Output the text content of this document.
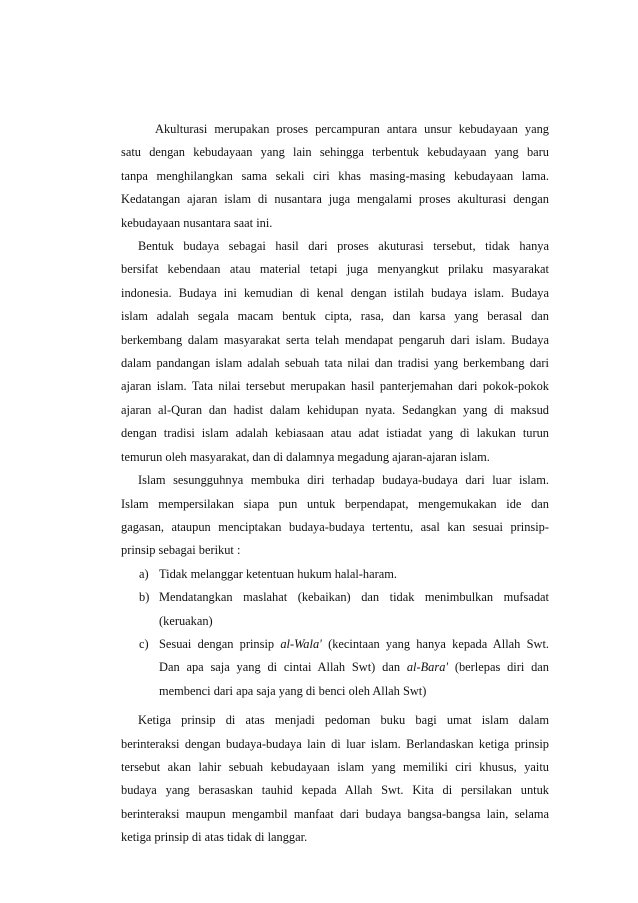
Akulturasi merupakan proses percampuran antara unsur kebudayaan yang
satu dengan kebudayaan yang lain sehingga terbentuk kebudayaan yang baru
tanpa menghilangkan sama sekali ciri khas masing-masing kebudayaan lama.
Kedatangan ajaran islam di nusantara juga mengalami proses akulturasi dengan
kebudayaan nusantara saat ini.

Bentuk budaya sebagai hasil dari proses akuturasi tersebut, tidak hanya
bersifat kebendaan atau material tetapi juga menyangkut prilaku masyarakat
indonesia. Budaya ini kemudian di kenal dengan istilah budaya islam. Budaya
islam adalah segala macam bentuk cipta, rasa, dan karsa yang berasal dan
berkembang dalam masyarakat serta telah mendapat pengaruh dari islam. Budaya
dalam pandangan islam adalah sebuah tata nilai dan tradisi yang berkembang dari
ajaran islam. Tata nilai tersebut merupakan hasil panterjemahan dari pokok-pokok
ajaran al-Quran dan hadist dalam kehidupan nyata. Sedangkan yang di maksud
dengan tradisi islam adalah kebiasaan atau adat istiadat yang di lakukan turun
temurun oleh masyarakat, dan di dalamnya megadung ajaran-ajaran islam.

Islam sesungguhnya membuka diri terhadap budaya-budaya dari luar islam.
Islam mempersilakan siapa pun untuk berpendapat, mengemukakan ide dan
gagasan, ataupun menciptakan budaya-budaya tertentu, asal kan sesuai prinsip-
prinsip sebagai berikut :

a) Tidak melanggar ketentuan hukum halal-haram.
b) Mendatangkan maslahat (kebaikan) dan tidak menimbulkan mufsadat
(keruakan)
c) Sesuai dengan prinsip al-Wala' (kecintaan yang hanya kepada Allah Swt.
Dan apa saja yang di cintai Allah Swt) dan al-Bara' (berlepas diri dan
membenci dari apa saja yang di benci oleh Allah Swt)

Ketiga prinsip di atas menjadi pedoman buku bagi umat islam dalam
berinteraksi dengan budaya-budaya lain di luar islam. Berlandaskan ketiga prinsip
tersebut akan lahir sebuah kebudayaan islam yang memiliki ciri khusus, yaitu
budaya yang berasaskan tauhid kepada Allah Swt. Kita di persilakan untuk
berinteraksi maupun mengambil manfaat dari budaya bangsa-bangsa lain, selama
ketiga prinsip di atas tidak di langgar.
